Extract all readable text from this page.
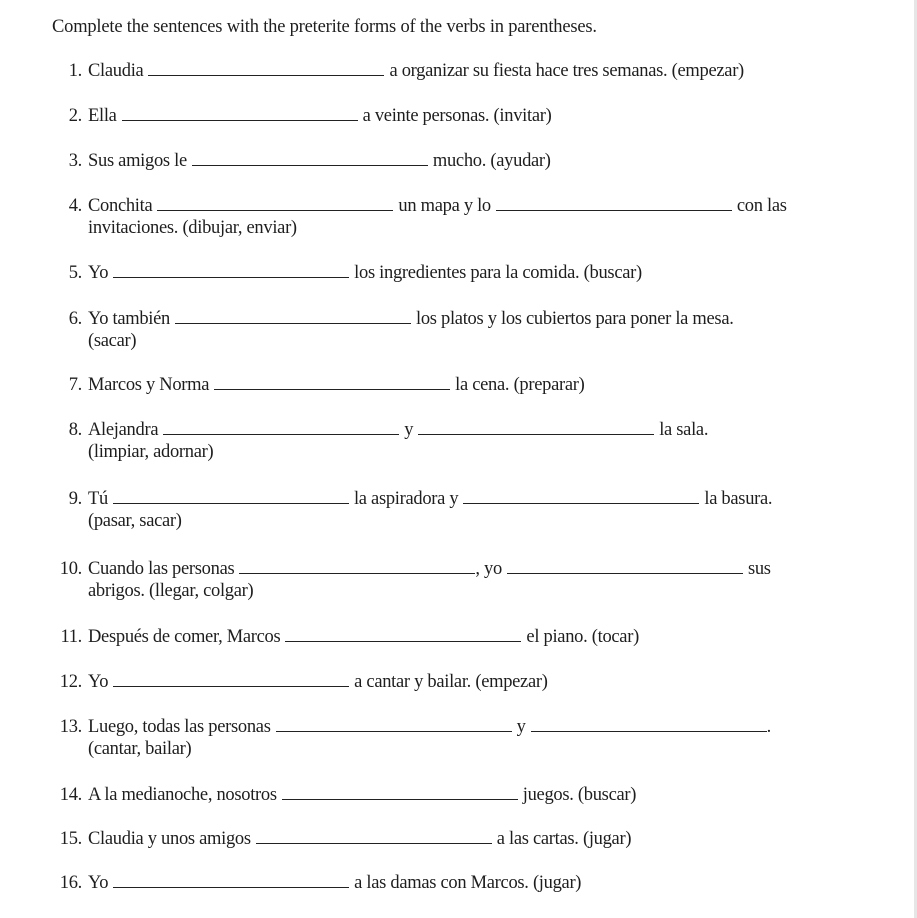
Complete the sentences with the preterite forms of the verbs in parentheses.
1. Claudia	a organizar su fiesta hace tres semanas. (empezar)
2. Ella	a veinte personas. (invitar)
3. Sus amigos le	mucho. (ayudar)
4. Conchita	un mapa y lo	con las
invitaciones. (dibujar, enviar)
5. Yo	los ingredientes para la comida. (buscar)
6. Yo también	los platos y los cubiertos para poner la mesa.
(sacar)
7. Marcos y Norma	la cena. (preparar)
8. Alejandra	y	la sala.
(limpiar, adornar)
9. Tú	la aspiradora y	la basura.
(pasar, sacar)
10. Cuando las personas	, yo	sus
abrigos. (llegar, colgar)
11. Después de comer, Marcos	el piano. (tocar)
12. Yo	a cantar y bailar. (empezar)
13. Luego, todas las personas	y	.
(cantar, bailar)
14. A la medianoche, nosotros	juegos. (buscar)
15. Claudia y unos amigos	a las cartas. (jugar)
16. Yo	a las damas con Marcos. (jugar)
